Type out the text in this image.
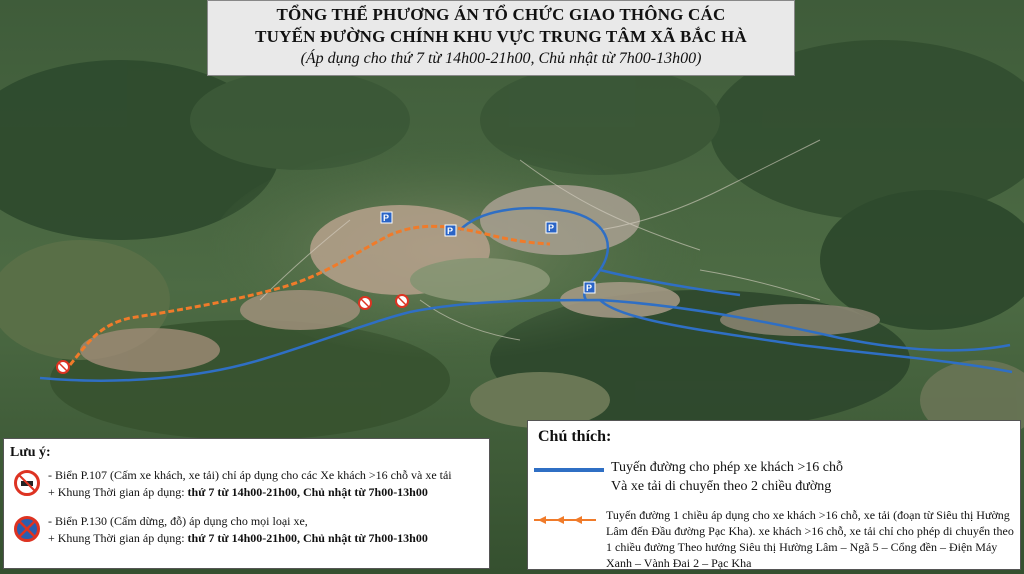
P
P
P
P
TỔNG THỂ PHƯƠNG ÁN TỔ CHỨC GIAO THÔNG CÁC
TUYẾN ĐƯỜNG CHÍNH KHU VỰC TRUNG TÂM XÃ BẮC HÀ
(Áp dụng cho thứ 7 từ 14h00-21h00, Chủ nhật từ 7h00-13h00)
Lưu ý:
- Biển P.107 (Cấm xe khách, xe tải) chỉ áp dụng cho các Xe khách >16 chỗ và xe tải
+ Khung Thời gian áp dụng: thứ 7 từ 14h00-21h00, Chủ nhật từ 7h00-13h00
- Biển P.130 (Cấm dừng, đỗ) áp dụng cho mọi loại xe,
+ Khung Thời gian áp dụng: thứ 7 từ 14h00-21h00, Chủ nhật từ 7h00-13h00
Chú thích:
Tuyến đường cho phép xe khách >16 chỗ
Và xe tải di chuyển theo 2 chiều đường
Tuyến đường 1 chiều áp dụng cho xe khách >16 chỗ, xe tải (đoạn từ Siêu thị Hường Lâm đến Đầu đường Pạc Kha). xe khách >16 chỗ, xe tải chỉ cho phép di chuyển theo 1 chiều đường Theo hướng Siêu thị Hường Lâm – Ngã 5 – Cổng đền – Điện Máy Xanh – Vành Đai 2 – Pạc Kha
